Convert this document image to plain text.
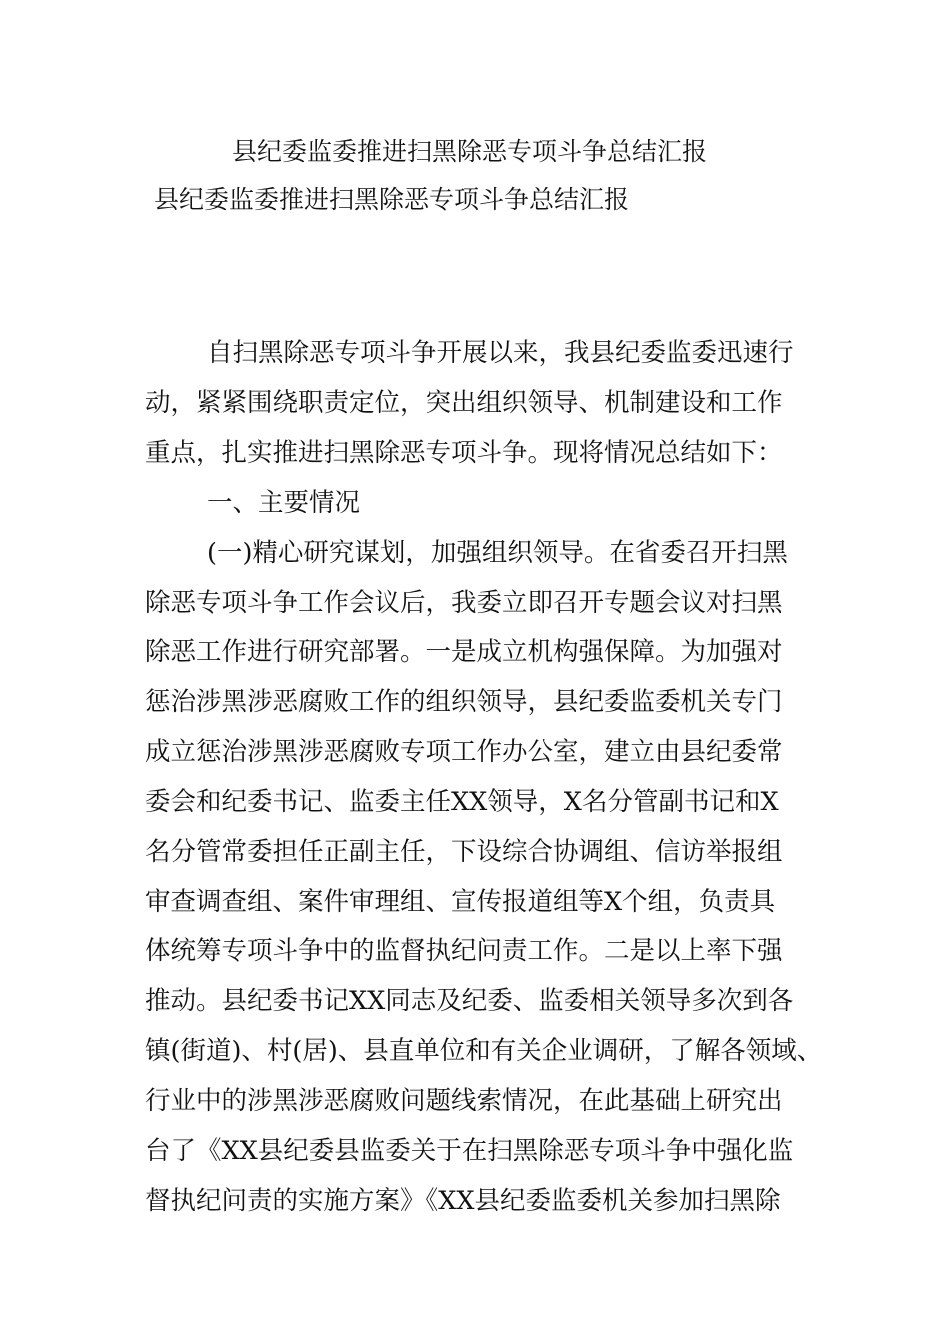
县纪委监委推进扫黑除恶专项斗争总结汇报
县纪委监委推进扫黑除恶专项斗争总结汇报
自扫黑除恶专项斗争开展以来，我县纪委监委迅速行
动，紧紧围绕职责定位，突出组织领导、机制建设和工作
重点，扎实推进扫黑除恶专项斗争。现将情况总结如下：
一、主要情况
(一)精心研究谋划，加强组织领导。在省委召开扫黑
除恶专项斗争工作会议后，我委立即召开专题会议对扫黑
除恶工作进行研究部署。一是成立机构强保障。为加强对
惩治涉黑涉恶腐败工作的组织领导，县纪委监委机关专门
成立惩治涉黑涉恶腐败专项工作办公室，建立由县纪委常
委会和纪委书记、监委主任XX领导，X名分管副书记和X
名分管常委担任正副主任，下设综合协调组、信访举报组
审查调查组、案件审理组、宣传报道组等X个组，负责具
体统筹专项斗争中的监督执纪问责工作。二是以上率下强
推动。县纪委书记XX同志及纪委、监委相关领导多次到各
镇(街道)、村(居)、县直单位和有关企业调研，了解各领域、
行业中的涉黑涉恶腐败问题线索情况，在此基础上研究出
台了《XX县纪委县监委关于在扫黑除恶专项斗争中强化监
督执纪问责的实施方案》《XX县纪委监委机关参加扫黑除
